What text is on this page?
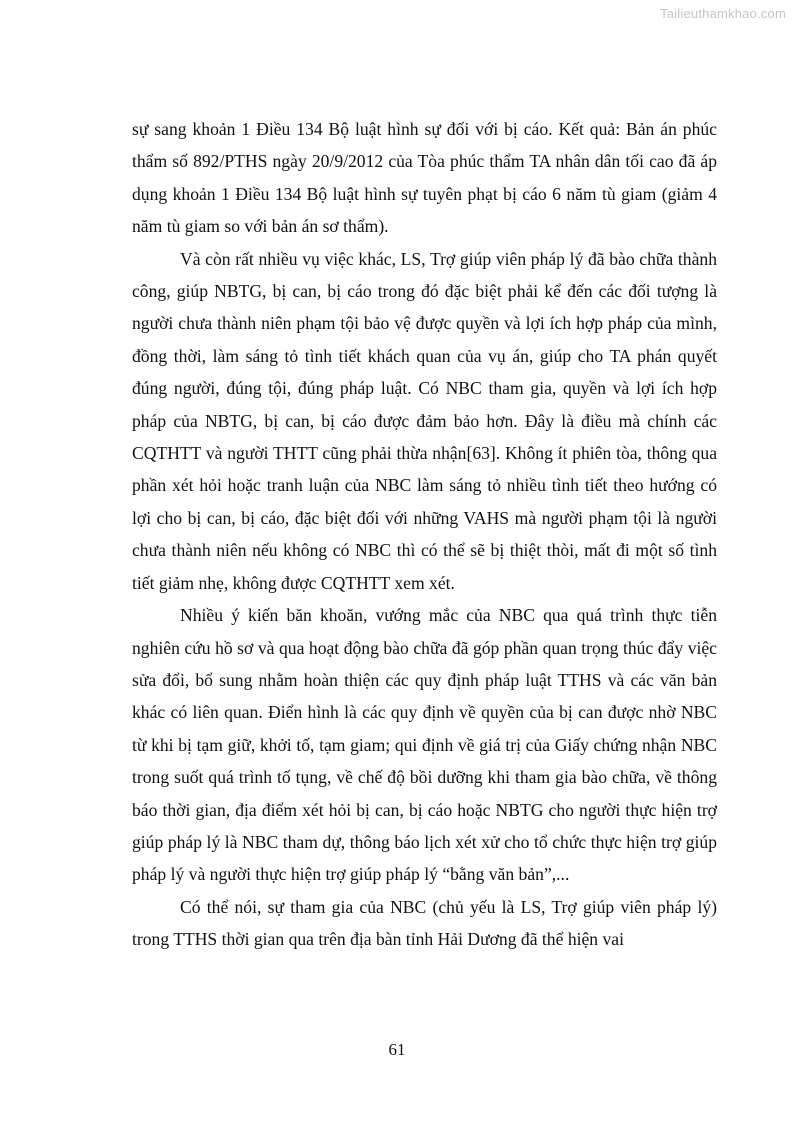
Tailieuthamkhao.com

sự sang khoản 1 Điều 134 Bộ luật hình sự đối với bị cáo. Kết quả: Bản án phúc thẩm số 892/PTHS ngày 20/9/2012 của Tòa phúc thẩm TA nhân dân tối cao đã áp dụng khoản 1 Điều 134 Bộ luật hình sự tuyên phạt bị cáo 6 năm tù giam (giảm 4 năm tù giam so với bản án sơ thẩm).

Và còn rất nhiều vụ việc khác, LS, Trợ giúp viên pháp lý đã bào chữa thành công, giúp NBTG, bị can, bị cáo trong đó đặc biệt phải kể đến các đối tượng là người chưa thành niên phạm tội bảo vệ được quyền và lợi ích hợp pháp của mình, đồng thời, làm sáng tỏ tình tiết khách quan của vụ án, giúp cho TA phán quyết đúng người, đúng tội, đúng pháp luật. Có NBC tham gia, quyền và lợi ích hợp pháp của NBTG, bị can, bị cáo được đảm bảo hơn. Đây là điều mà chính các CQTHTT và người THTT cũng phải thừa nhận[63]. Không ít phiên tòa, thông qua phần xét hỏi hoặc tranh luận của NBC làm sáng tỏ nhiều tình tiết theo hướng có lợi cho bị can, bị cáo, đặc biệt đối với những VAHS mà người phạm tội là người chưa thành niên nếu không có NBC thì có thể sẽ bị thiệt thòi, mất đi một số tình tiết giảm nhẹ, không được CQTHTT xem xét.

Nhiều ý kiến băn khoăn, vướng mắc của NBC qua quá trình thực tiễn nghiên cứu hồ sơ và qua hoạt động bào chữa đã góp phần quan trọng thúc đẩy việc sửa đổi, bổ sung nhằm hoàn thiện các quy định pháp luật TTHS và các văn bản khác có liên quan. Điển hình là các quy định về quyền của bị can được nhờ NBC từ khi bị tạm giữ, khởi tố, tạm giam; qui định về giá trị của Giấy chứng nhận NBC trong suốt quá trình tố tụng, về chế độ bồi dưỡng khi tham gia bào chữa, về thông báo thời gian, địa điểm xét hỏi bị can, bị cáo hoặc NBTG cho người thực hiện trợ giúp pháp lý là NBC tham dự, thông báo lịch xét xử cho tổ chức thực hiện trợ giúp pháp lý và người thực hiện trợ giúp pháp lý “bằng văn bản”,...

Có thể nói, sự tham gia của NBC (chủ yếu là LS, Trợ giúp viên pháp lý) trong TTHS thời gian qua trên địa bàn tỉnh Hải Dương đã thể hiện vai

61
